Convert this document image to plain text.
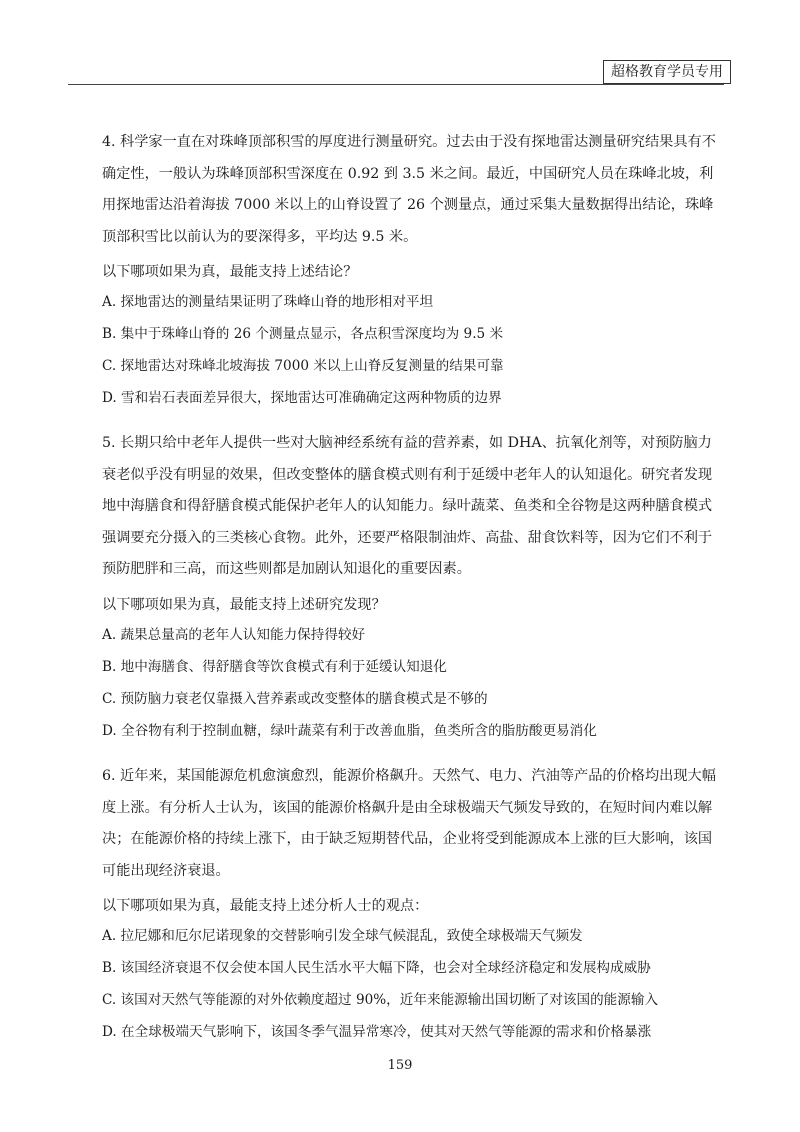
超格教育学员专用

4. 科学家一直在对珠峰顶部积雪的厚度进行测量研究。过去由于没有探地雷达测量研究结果具有不确定性，一般认为珠峰顶部积雪深度在 0.92 到 3.5 米之间。最近，中国研究人员在珠峰北坡，利用探地雷达沿着海拔 7000 米以上的山脊设置了 26 个测量点，通过采集大量数据得出结论，珠峰顶部积雪比以前认为的要深得多，平均达 9.5 米。

以下哪项如果为真，最能支持上述结论？

A. 探地雷达的测量结果证明了珠峰山脊的地形相对平坦
B. 集中于珠峰山脊的 26 个测量点显示，各点积雪深度均为 9.5 米
C. 探地雷达对珠峰北坡海拔 7000 米以上山脊反复测量的结果可靠
D. 雪和岩石表面差异很大，探地雷达可准确确定这两种物质的边界

5. 长期只给中老年人提供一些对大脑神经系统有益的营养素，如 DHA、抗氧化剂等，对预防脑力衰老似乎没有明显的效果，但改变整体的膳食模式则有利于延缓中老年人的认知退化。研究者发现地中海膳食和得舒膳食模式能保护老年人的认知能力。绿叶蔬菜、鱼类和全谷物是这两种膳食模式强调要充分摄入的三类核心食物。此外，还要严格限制油炸、高盐、甜食饮料等，因为它们不利于预防肥胖和三高，而这些则都是加剧认知退化的重要因素。

以下哪项如果为真，最能支持上述研究发现？

A. 蔬果总量高的老年人认知能力保持得较好
B. 地中海膳食、得舒膳食等饮食模式有利于延缓认知退化
C. 预防脑力衰老仅靠摄入营养素或改变整体的膳食模式是不够的
D. 全谷物有利于控制血糖，绿叶蔬菜有利于改善血脂，鱼类所含的脂肪酸更易消化

6. 近年来，某国能源危机愈演愈烈，能源价格飙升。天然气、电力、汽油等产品的价格均出现大幅度上涨。有分析人士认为，该国的能源价格飙升是由全球极端天气频发导致的，在短时间内难以解决；在能源价格的持续上涨下，由于缺乏短期替代品，企业将受到能源成本上涨的巨大影响，该国可能出现经济衰退。

以下哪项如果为真，最能支持上述分析人士的观点：

A. 拉尼娜和厄尔尼诺现象的交替影响引发全球气候混乱，致使全球极端天气频发
B. 该国经济衰退不仅会使本国人民生活水平大幅下降，也会对全球经济稳定和发展构成威胁
C. 该国对天然气等能源的对外依赖度超过 90%，近年来能源输出国切断了对该国的能源输入
D. 在全球极端天气影响下，该国冬季气温异常寒冷，使其对天然气等能源的需求和价格暴涨
159
